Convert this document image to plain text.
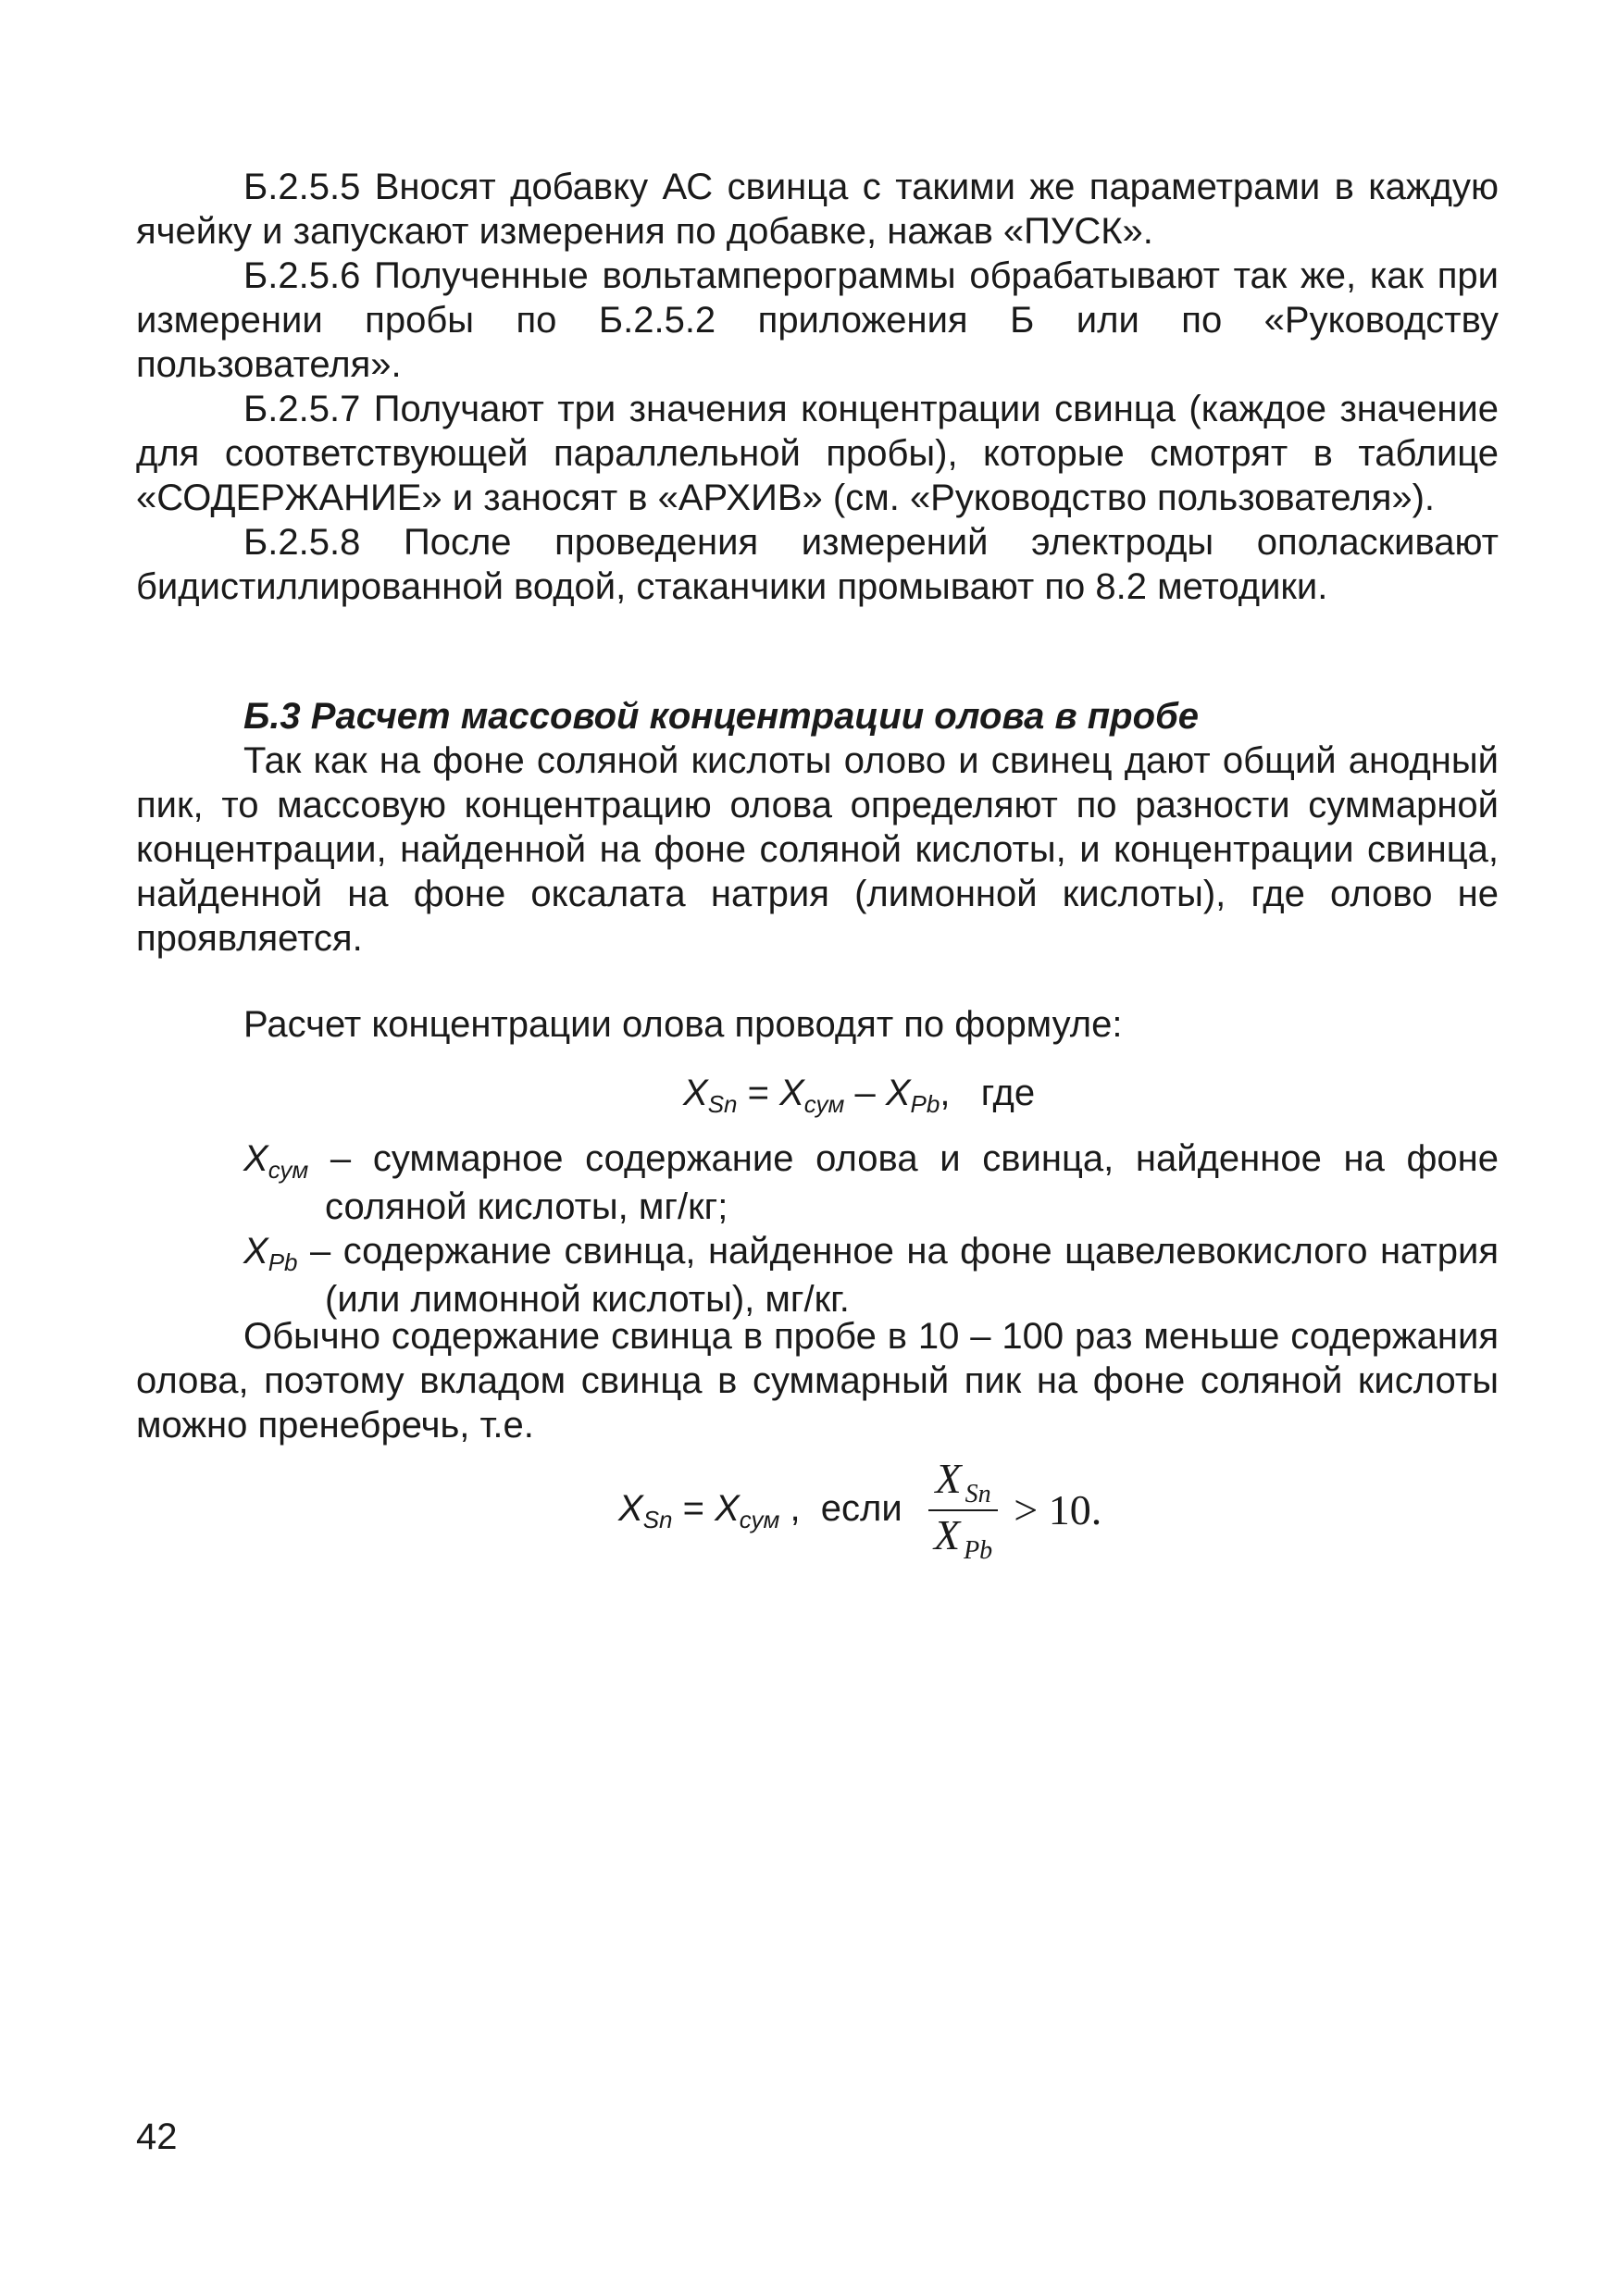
Б.2.5.5 Вносят добавку АС свинца с такими же параметрами в каждую ячейку и запускают измерения по добавке, нажав «ПУСК».

Б.2.5.6 Полученные вольтамперограммы обрабатывают так же, как при измерении пробы по Б.2.5.2 приложения Б или по «Руководству пользователя».

Б.2.5.7 Получают три значения концентрации свинца (каждое значение для соответствующей параллельной пробы), которые смотрят в таблице «СОДЕРЖАНИЕ» и заносят в «АРХИВ» (см. «Руководство пользователя»).

Б.2.5.8 После проведения измерений электроды ополаскивают бидистиллированной водой, стаканчики промывают по 8.2 методики.

Б.3 Расчет массовой концентрации олова в пробе

Так как на фоне соляной кислоты олово и свинец дают общий анодный пик, то массовую концентрацию олова определяют по разности суммарной концентрации, найденной на фоне соляной кислоты, и концентрации свинца, найденной на фоне оксалата натрия (лимонной кислоты), где олово не проявляется.

Расчет концентрации олова проводят по формуле:

$X_{Sn} = X_{сум} - X_{Pb}$,   где

$X_{сум}$ – суммарное содержание олова и свинца, найденное на фоне соляной кислоты, мг/кг;

$X_{Pb}$ – содержание свинца, найденное на фоне щавелевокислого натрия (или лимонной кислоты), мг/кг.

Обычно содержание свинца в пробе в 10 – 100 раз меньше содержания олова, поэтому вкладом свинца в суммарный пик на фоне соляной кислоты можно пренебречь, т.е.

$X_{Sn} = X_{сум}$ ,  если $\frac{X _{Sn}}{X _{Pb}} > 10$.
42
